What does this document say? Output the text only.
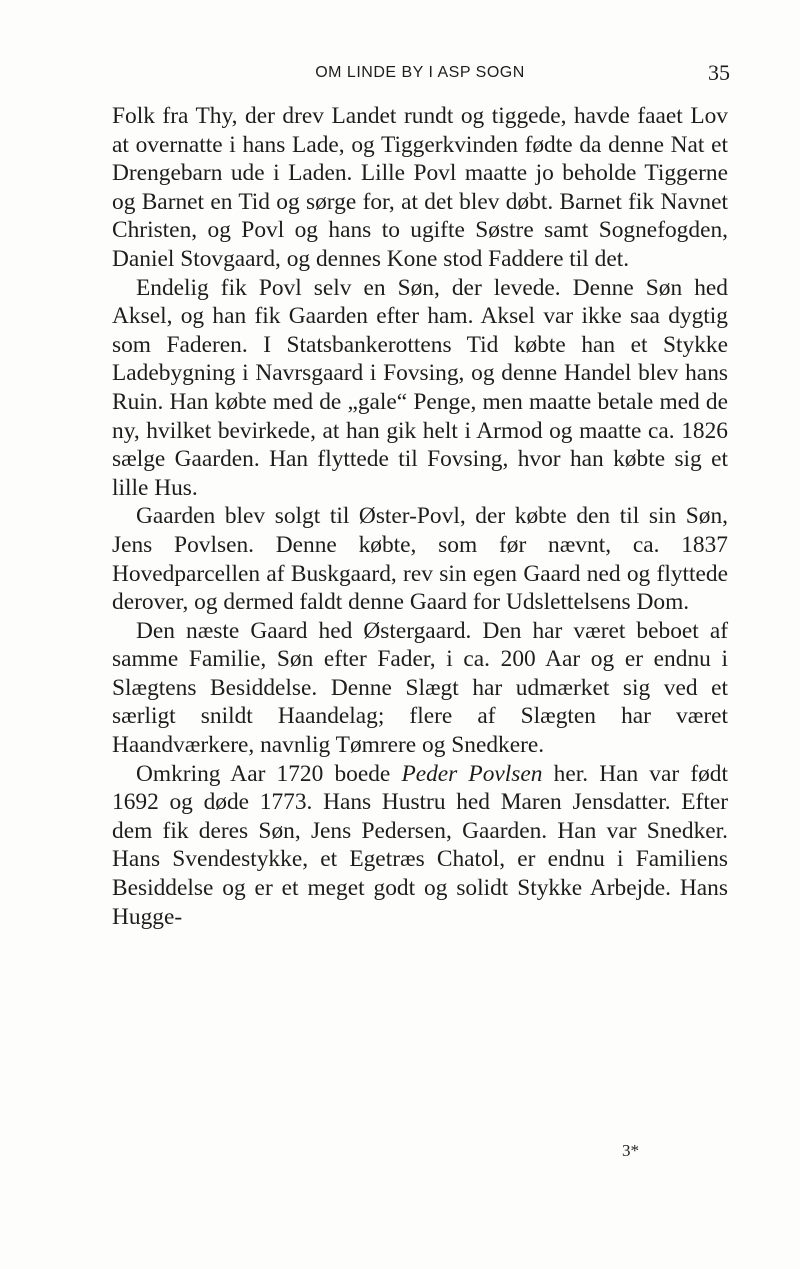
OM LINDE BY I ASP SOGN	35

Folk fra Thy, der drev Landet rundt og tiggede, havde faaet Lov at overnatte i hans Lade, og Tiggerkvinden fødte da denne Nat et Drengebarn ude i Laden. Lille Povl maatte jo beholde Tiggerne og Barnet en Tid og sørge for, at det blev døbt. Barnet fik Navnet Christen, og Povl og hans to ugifte Søstre samt Sognefogden, Daniel Stovgaard, og dennes Kone stod Faddere til det.

Endelig fik Povl selv en Søn, der levede. Denne Søn hed Aksel, og han fik Gaarden efter ham. Aksel var ikke saa dygtig som Faderen. I Statsbankerottens Tid købte han et Stykke Ladebygning i Navrsgaard i Fovsing, og denne Handel blev hans Ruin. Han købte med de „gale“ Penge, men maatte betale med de ny, hvilket bevirkede, at han gik helt i Armod og maatte ca. 1826 sælge Gaarden. Han flyttede til Fovsing, hvor han købte sig et lille Hus.

Gaarden blev solgt til Øster-Povl, der købte den til sin Søn, Jens Povlsen. Denne købte, som før nævnt, ca. 1837 Hovedparcellen af Buskgaard, rev sin egen Gaard ned og flyttede derover, og dermed faldt denne Gaard for Udslettelsens Dom.

Den næste Gaard hed Østergaard. Den har været beboet af samme Familie, Søn efter Fader, i ca. 200 Aar og er endnu i Slægtens Besiddelse. Denne Slægt har udmærket sig ved et særligt snildt Haandelag; flere af Slægten har været Haandværkere, navnlig Tømrere og Snedkere.

Omkring Aar 1720 boede Peder Povlsen her. Han var født 1692 og døde 1773. Hans Hustru hed Maren Jensdatter. Efter dem fik deres Søn, Jens Pedersen, Gaarden. Han var Snedker. Hans Svendestykke, et Egetræs Chatol, er endnu i Familiens Besiddelse og er et meget godt og solidt Stykke Arbejde. Hans Hugge-

3*
